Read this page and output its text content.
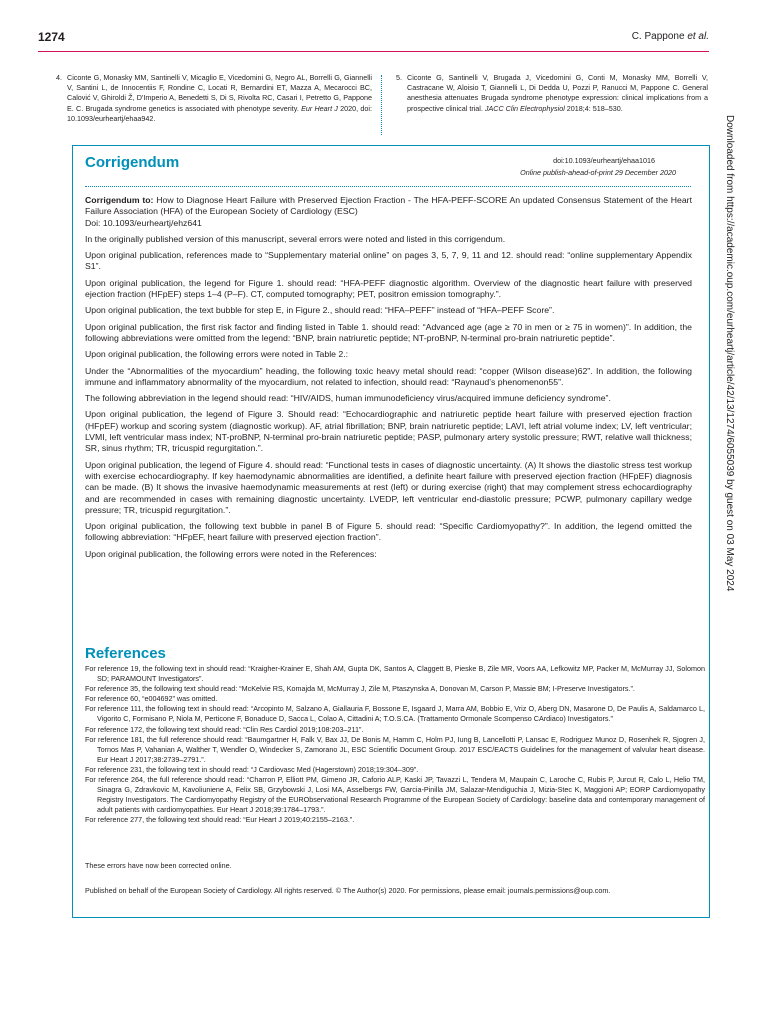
1274	C. Pappone et al.
4. Ciconte G, Monasky MM, Santinelli V, Micaglio E, Vicedomini G, Negro AL, Borrelli G, Giannelli V, Santini L, de Innocentiis F, Rondine C, Locati R, Bernardini ET, Mazza A, Mecarocci BC, Calović V, Ghiroldi Ž, D'Imperio A, Benedetti S, Di S, Rivolta RC, Casari I, Petretto G, Pappone E. C. Brugada syndrome genetics is associated with phenotype severity. Eur Heart J 2020, doi: 10.1093/eurheartj/ehaa942.
5. Ciconte G, Santinelli V, Brugada J, Vicedomini G, Conti M, Monasky MM, Borrelli V, Castracane W, Aloisio T, Giannelli L, Di Dedda U, Pozzi P, Ranucci M, Pappone C. General anesthesia attenuates Brugada syndrome phenotype expression: clinical implications from a prospective clinical trial. JACC Clin Electrophysiol 2018;4: 518–530.
Corrigendum	doi:10.1093/eurheartj/ehaa1016
Online publish-ahead-of-print 29 December 2020

Corrigendum to: How to Diagnose Heart Failure with Preserved Ejection Fraction - The HFA-PEFF-SCORE An updated Consensus Statement of the Heart Failure Association (HFA) of the European Society of Cardiology (ESC)
Doi: 10.1093/eurheartj/ehz641

In the originally published version of this manuscript, several errors were noted and listed in this corrigendum.

Upon original publication, references made to “Supplementary material online” on pages 3, 5, 7, 9, 11 and 12. should read: “online supplementary Appendix S1”.

Upon original publication, the legend for Figure 1. should read: “HFA-PEFF diagnostic algorithm. Overview of the diagnostic heart failure with preserved ejection fraction (HFpEF) steps 1–4 (P–F). CT, computed tomography; PET, positron emission tomography.”.

Upon original publication, the text bubble for step E, in Figure 2., should read: “HFA–PEFF” instead of “HFA–PEFF Score”.

Upon original publication, the first risk factor and finding listed in Table 1. should read: “Advanced age (age ≥ 70 in men or ≥ 75 in women)”. In addition, the following abbreviations were omitted from the legend: “BNP, brain natriuretic peptide; NT-proBNP, N-terminal pro-brain natriuretic peptide”.

Upon original publication, the following errors were noted in Table 2.:

Under the “Abnormalities of the myocardium” heading, the following toxic heavy metal should read: “copper (Wilson disease)62”. In addition, the following immune and inflammatory abnormality of the myocardium, not related to infection, should read: “Raynaud’s phenomenon55”.

The following abbreviation in the legend should read: “HIV/AIDS, human immunodeficiency virus/acquired immune deficiency syndrome”.

Upon original publication, the legend of Figure 3. Should read: “Echocardiographic and natriuretic peptide heart failure with preserved ejection fraction (HFpEF) workup and scoring system (diagnostic workup). AF, atrial fibrillation; BNP, brain natriuretic peptide; LAVI, left atrial volume index; LV, left ventricular; LVMI, left ventricular mass index; NT-proBNP, N-terminal pro-brain natriuretic peptide; PASP, pulmonary artery systolic pressure; RWT, relative wall thickness; SR, sinus rhythm; TR, tricuspid regurgitation.”.

Upon original publication, the legend of Figure 4. should read: “Functional tests in cases of diagnostic uncertainty. (A) It shows the diastolic stress test workup with exercise echocardiography. If key haemodynamic abnormalities are identified, a definite heart failure with preserved ejection fraction (HFpEF) diagnosis can be made. (B) It shows the invasive haemodynamic measurements at rest (left) or during exercise (right) that may complement stress echocardiography and are recommended in cases with remaining diagnostic uncertainty. LVEDP, left ventricular end-diastolic pressure; PCWP, pulmonary capillary wedge pressure; TR, tricuspid regurgitation.”.

Upon original publication, the following text bubble in panel B of Figure 5. should read: “Specific Cardiomyopathy?”. In addition, the legend omitted the following abbreviation: “HFpEF, heart failure with preserved ejection fraction”.

Upon original publication, the following errors were noted in the References:

References

For reference 19, the following text in should read: “Kraigher-Krainer E, Shah AM, Gupta DK, Santos A, Claggett B, Pieske B, Zile MR, Voors AA, Lefkowitz MP, Packer M, McMurray JJ, Solomon SD; PARAMOUNT Investigators”.

For reference 35, the following text should read: “McKelvie RS, Komajda M, McMurray J, Zile M, Ptaszynska A, Donovan M, Carson P, Massie BM; I-Preserve Investigators.”.

For reference 60, “e004692” was omitted.

For reference 111, the following text in should read: “Arcopinto M, Salzano A, Giallauria F, Bossone E, Isgaard J, Marra AM, Bobbio E, Vriz O, Aberg DN, Masarone D, De Paulis A, Saldamarco L, Vigorito C, Formisano P, Niola M, Perticone F, Bonaduce D, Sacca L, Colao A, Cittadini A; T.O.S.CA. (Trattamento Ormonale Scompenso CArdiaco) Investigators.”

For reference 172, the following text should read: “Clin Res Cardiol 2019;108:203–211”.

For reference 181, the full reference should read: “Baumgartner H, Falk V, Bax JJ, De Bonis M, Hamm C, Holm PJ, Iung B, Lancellotti P, Lansac E, Rodriguez Munoz D, Rosenhek R, Sjogren J, Tornos Mas P, Vahanian A, Walther T, Wendler O, Windecker S, Zamorano JL, ESC Scientific Document Group. 2017 ESC/EACTS Guidelines for the management of valvular heart disease. Eur Heart J 2017;38:2739–2791.”.

For reference 231, the following text in should read: “J Cardiovasc Med (Hagerstown) 2018;19:304–309”.

For reference 264, the full reference should read: “Charron P, Elliott PM, Gimeno JR, Caforio ALP, Kaski JP, Tavazzi L, Tendera M, Maupain C, Laroche C, Rubis P, Jurcut R, Calo L, Helio TM, Sinagra G, Zdravkovic M, Kavoliuniene A, Felix SB, Grzybowski J, Losi MA, Asselbergs FW, Garcia-Pinilla JM, Salazar-Mendiguchia J, Mizia-Stec K, Maggioni AP; EORP Cardiomyopathy Registry Investigators. The Cardiomyopathy Registry of the EURObservational Research Programme of the European Society of Cardiology: baseline data and contemporary management of adult patients with cardiomyopathies. Eur Heart J 2018;39:1784–1793.”.

For reference 277, the following text should read: “Eur Heart J 2019;40:2155–2163.”.

These errors have now been corrected online.
Published on behalf of the European Society of Cardiology. All rights reserved. © The Author(s) 2020. For permissions, please email: journals.permissions@oup.com.
Downloaded from https://academic.oup.com/eurheartj/article/42/13/1274/6055039 by guest on 03 May 2024
